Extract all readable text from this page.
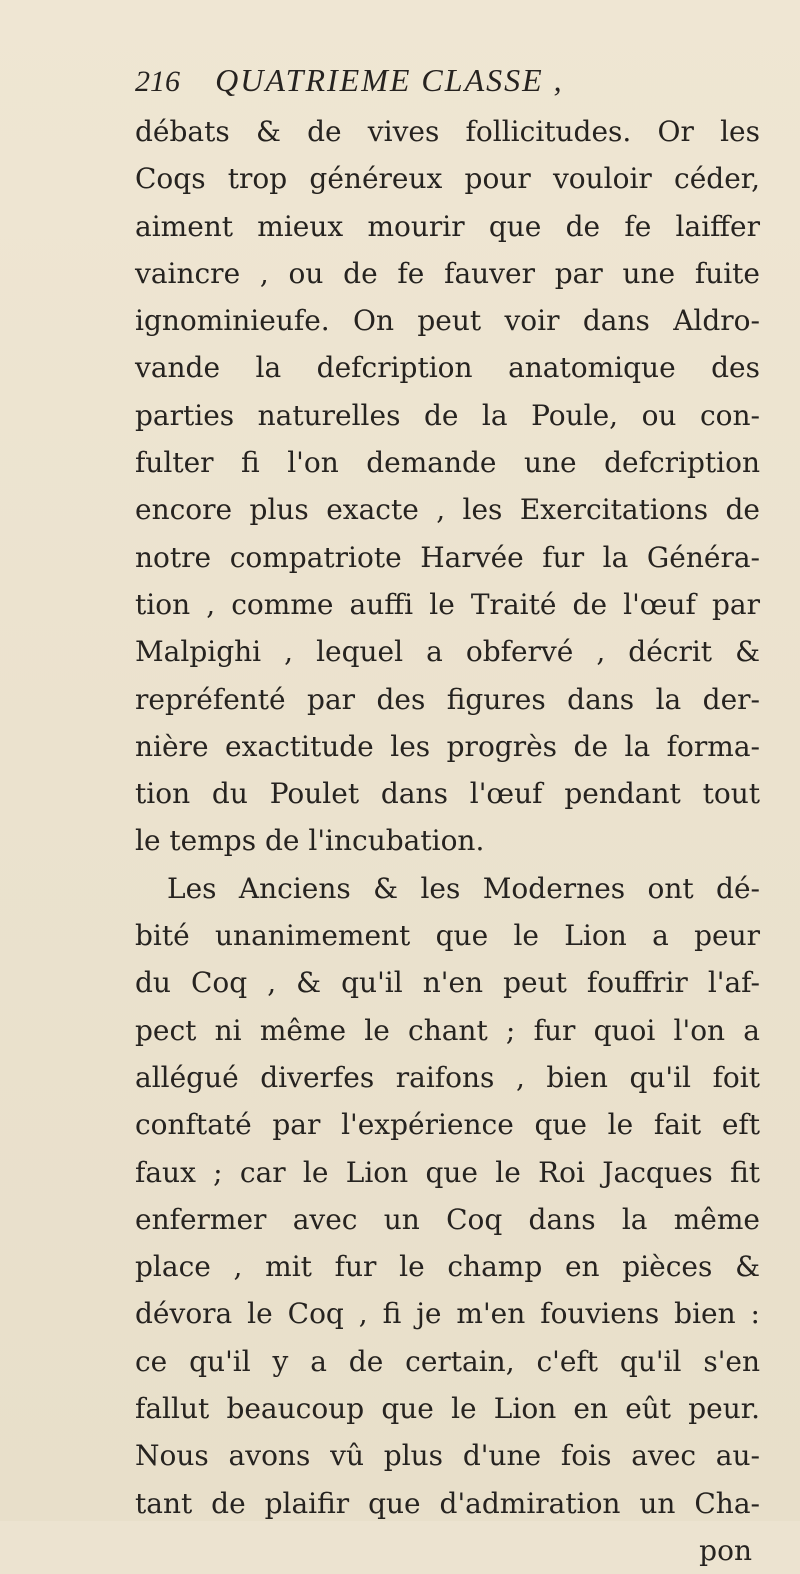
216 QUATRIEME CLASSE ,
débats & de vives follicitudes. Or les
Coqs trop généreux pour vouloir céder,
aiment mieux mourir que de fe laiffer
vaincre , ou de fe fauver par une fuite
ignominieufe. On peut voir dans Aldro-
vande la defcription anatomique des
parties naturelles de la Poule, ou con-
fulter fi l'on demande une defcription
encore plus exacte , les Exercitations de
notre compatriote Harvée fur la Généra-
tion , comme auffi le Traité de l'œuf par
Malpighi , lequel a obfervé , décrit &
repréfenté par des figures dans la der-
nière exactitude les progrès de la forma-
tion du Poulet dans l'œuf pendant tout
le temps de l'incubation.
Les Anciens & les Modernes ont dé-
bité unanimement que le Lion a peur
du Coq , & qu'il n'en peut fouffrir l'af-
pect ni même le chant ; fur quoi l'on a
allégué diverfes raifons , bien qu'il foit
conftaté par l'expérience que le fait eft
faux ; car le Lion que le Roi Jacques fit
enfermer avec un Coq dans la même
place , mit fur le champ en pièces &
dévora le Coq , fi je m'en fouviens bien :
ce qu'il y a de certain, c'eft qu'il s'en
fallut beaucoup que le Lion en eût peur.
Nous avons vû plus d'une fois avec au-
tant de plaifir que d'admiration un Cha-
pon
